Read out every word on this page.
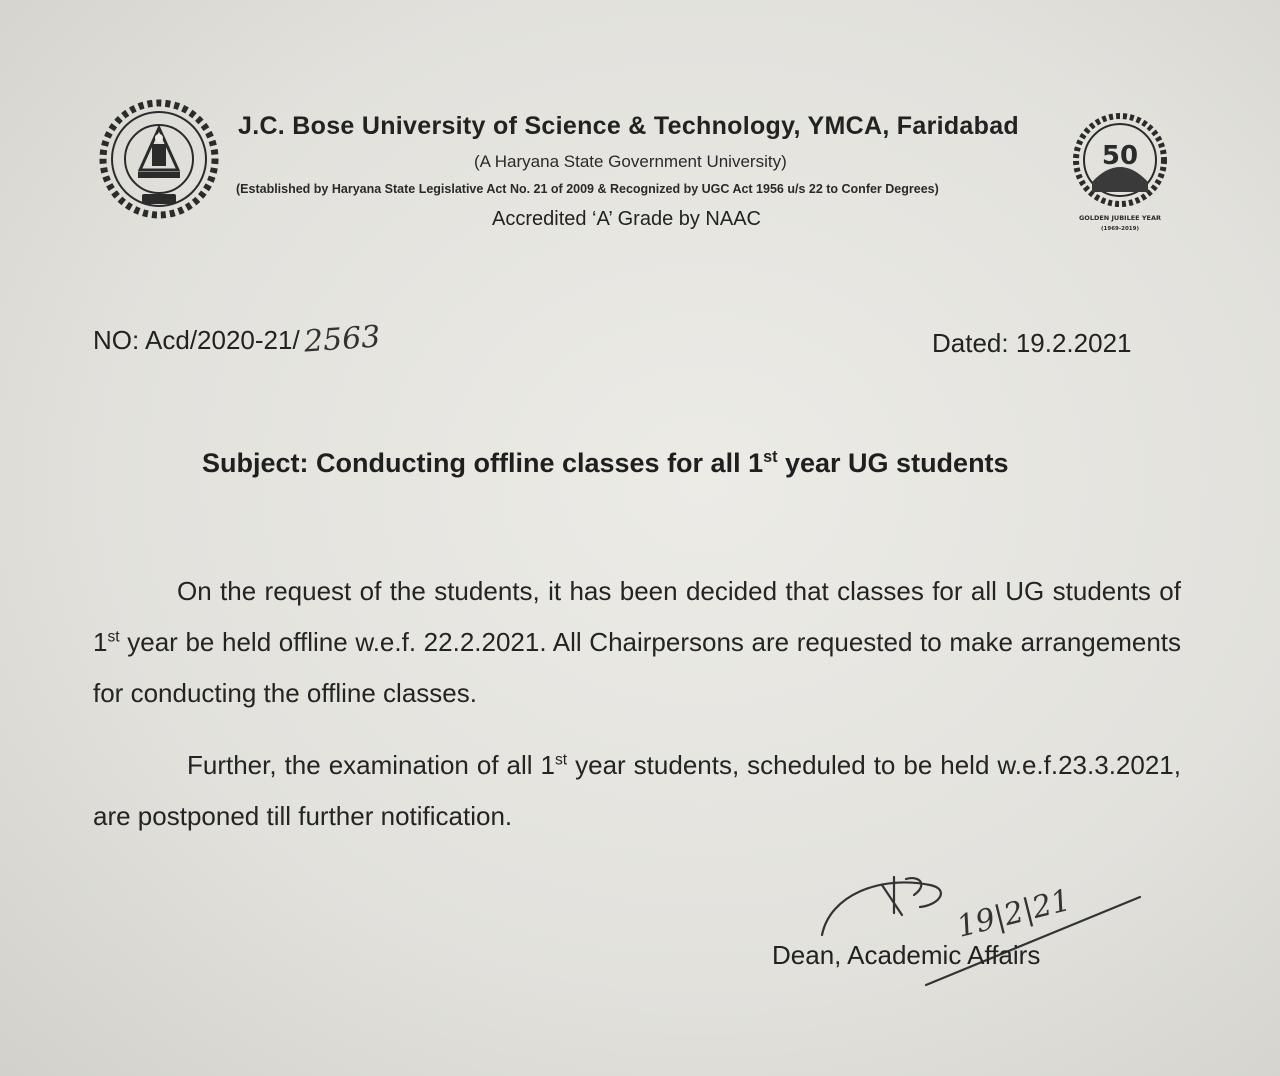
J.C. Bose University of Science & Technology, YMCA, Faridabad
(A Haryana State Government University)
(Established by Haryana State Legislative Act No. 21 of 2009 & Recognized by UGC Act 1956 u/s 22 to Confer Degrees)
Accredited ‘A’ Grade by NAAC
50
GOLDEN JUBILEE YEAR
(1969-2019)
NO: Acd/2020-21/2563	Dated: 19.2.2021
Subject: Conducting offline classes for all 1st year UG students
On the request of the students, it has been decided that classes for all UG students of 1st year be held offline w.e.f. 22.2.2021. All Chairpersons are requested to make arrangements for conducting the offline classes.
Further, the examination of all 1st year students, scheduled to be held w.e.f.23.3.2021, are postponed till further notification.
19|2|21
Dean, Academic Affairs
